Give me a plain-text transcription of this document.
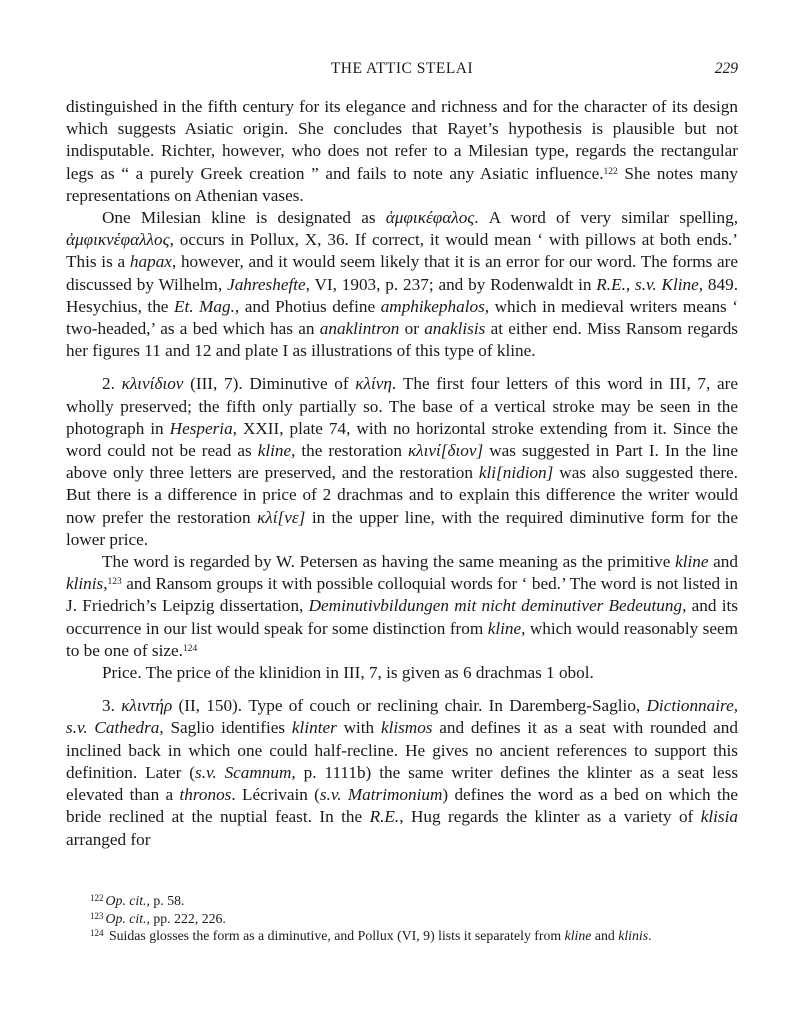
THE ATTIC STELAI	229

distinguished in the fifth century for its elegance and richness and for the character of its design which suggests Asiatic origin. She concludes that Rayet’s hypothesis is plausible but not indisputable. Richter, however, who does not refer to a Milesian type, regards the rectangular legs as “ a purely Greek creation ” and fails to note any Asiatic influence.$^{122}$ She notes many representations on Athenian vases.

One Milesian kline is designated as ἀμφικέφαλος. A word of very similar spelling, ἀμφικνέφαλλος, occurs in Pollux, X, 36. If correct, it would mean ‘ with pillows at both ends.’ This is a hapax, however, and it would seem likely that it is an error for our word. The forms are discussed by Wilhelm, Jahreshefte, VI, 1903, p. 237; and by Rodenwaldt in R.E., s.v. Kline, 849. Hesychius, the Et. Mag., and Photius define amphikephalos, which in medieval writers means ‘ two-headed,’ as a bed which has an anaklintron or anaklisis at either end. Miss Ransom regards her figures 11 and 12 and plate I as illustrations of this type of kline.

2. κλινίδιον (III, 7). Diminutive of κλίνη. The first four letters of this word in III, 7, are wholly preserved; the fifth only partially so. The base of a vertical stroke may be seen in the photograph in Hesperia, XXII, plate 74, with no horizontal stroke extending from it. Since the word could not be read as kline, the restoration κλινί[διον] was suggested in Part I. In the line above only three letters are preserved, and the restoration kli[nidion] was also suggested there. But there is a difference in price of 2 drachmas and to explain this difference the writer would now prefer the restoration κλί[νε] in the upper line, with the required diminutive form for the lower price.

The word is regarded by W. Petersen as having the same meaning as the primitive kline and klinis,$^{123}$ and Ransom groups it with possible colloquial words for ‘ bed.’ The word is not listed in J. Friedrich’s Leipzig dissertation, Deminutivbildungen mit nicht deminutiver Bedeutung, and its occurrence in our list would speak for some distinction from kline, which would reasonably seem to be one of size.$^{124}$

Price. The price of the klinidion in III, 7, is given as 6 drachmas 1 obol.

3. κλιντήρ (II, 150). Type of couch or reclining chair. In Daremberg-Saglio, Dictionnaire, s.v. Cathedra, Saglio identifies klinter with klismos and defines it as a seat with rounded and inclined back in which one could half-recline. He gives no ancient references to support this definition. Later (s.v. Scamnum, p. 1111b) the same writer defines the klinter as a seat less elevated than a thronos. Lécrivain (s.v. Matrimonium) defines the word as a bed on which the bride reclined at the nuptial feast. In the R.E., Hug regards the klinter as a variety of klisia arranged for

$^{122}$ Op. cit., p. 58.

$^{123}$ Op. cit., pp. 222, 226.

$^{124}$ Suidas glosses the form as a diminutive, and Pollux (VI, 9) lists it separately from kline and klinis.
